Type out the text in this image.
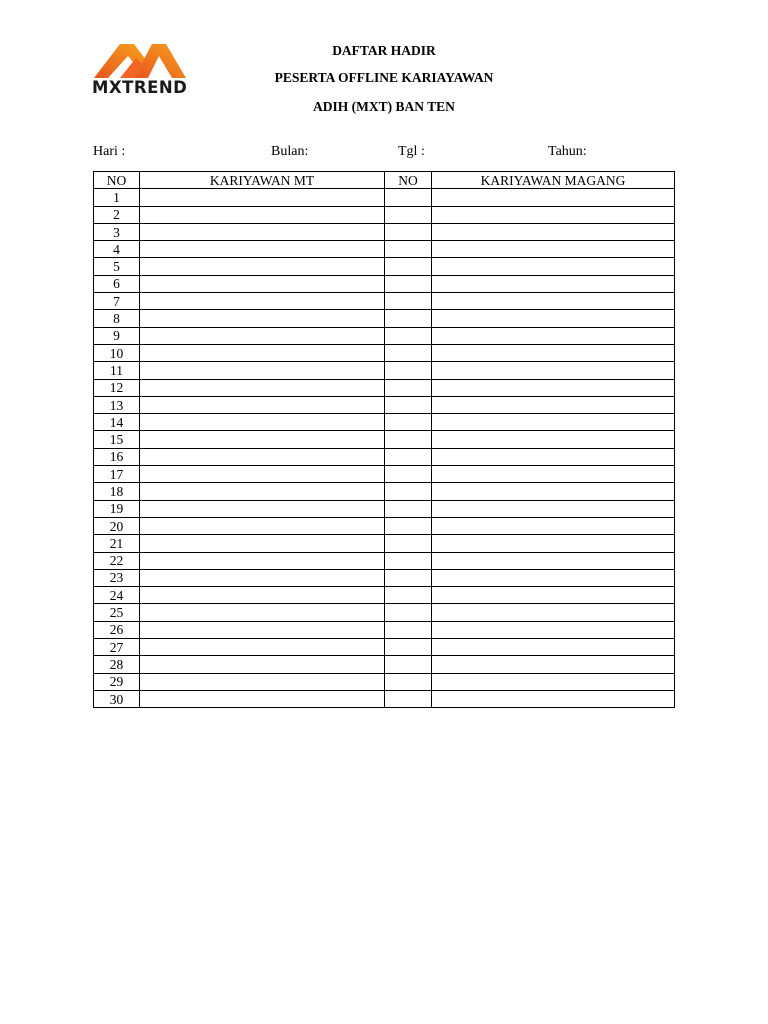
MXTREND
DAFTAR HADIR
PESERTA OFFLINE KARIAYAWAN
ADIH (MXT) BAN TEN
Hari :	Bulan:	Tgl :	Tahun:
NO	KARIYAWAN MT	NO	KARIYAWAN MAGANG
1			
2			
3			
4			
5			
6			
7			
8			
9			
10			
11			
12			
13			
14			
15			
16			
17			
18			
19			
20			
21			
22			
23			
24			
25			
26			
27			
28			
29			
30			
